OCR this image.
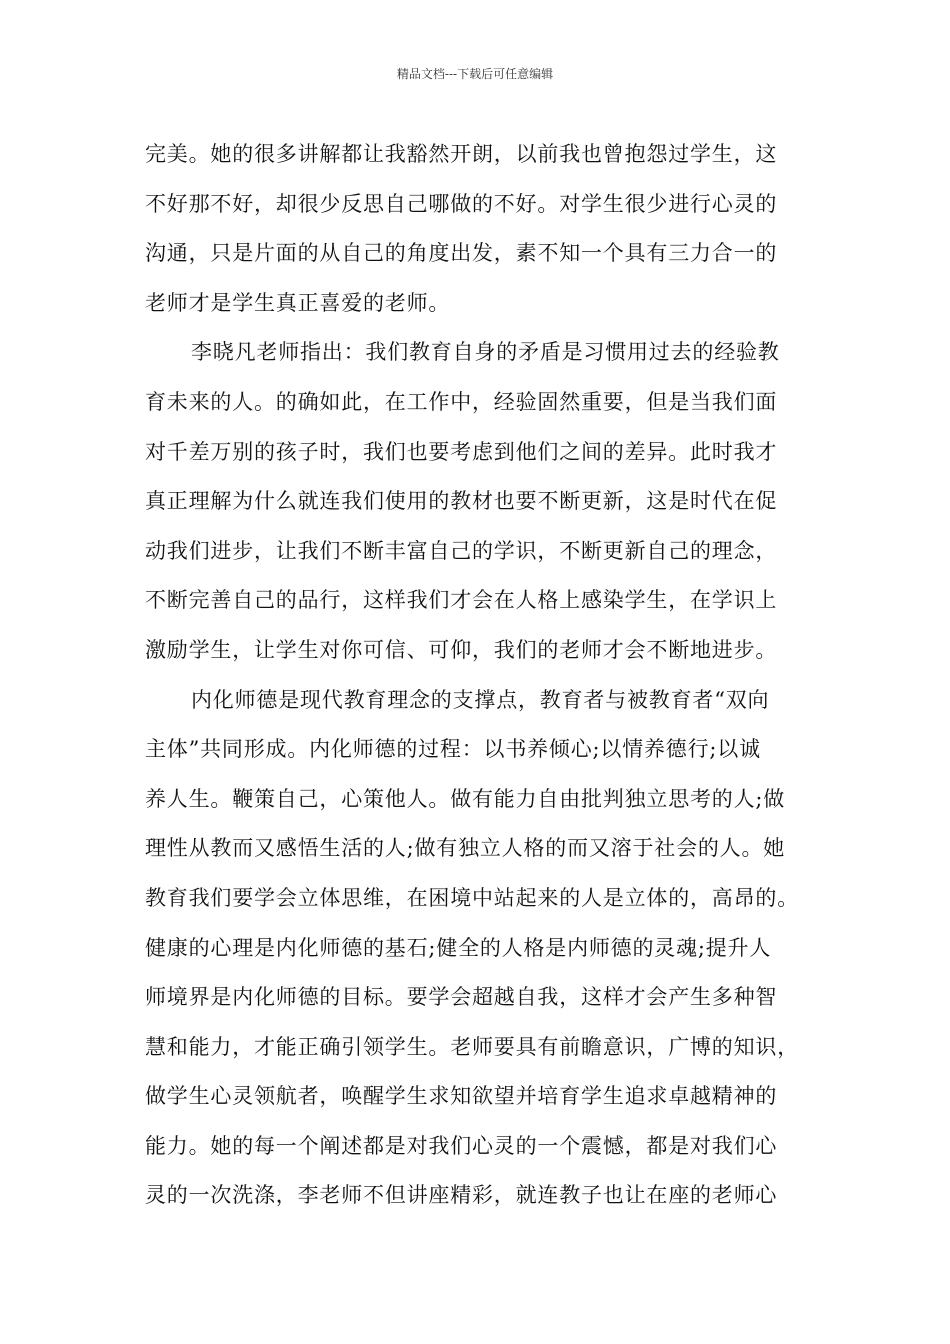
精品文档---下载后可任意编辑
完美。她的很多讲解都让我豁然开朗，以前我也曾抱怨过学生，这
不好那不好，却很少反思自己哪做的不好。对学生很少进行心灵的
沟通，只是片面的从自己的角度出发，素不知一个具有三力合一的
老师才是学生真正喜爱的老师。
李晓凡老师指出：我们教育自身的矛盾是习惯用过去的经验教
育未来的人。的确如此，在工作中，经验固然重要，但是当我们面
对千差万别的孩子时，我们也要考虑到他们之间的差异。此时我才
真正理解为什么就连我们使用的教材也要不断更新，这是时代在促
动我们进步，让我们不断丰富自己的学识，不断更新自己的理念，
不断完善自己的品行，这样我们才会在人格上感染学生，在学识上
激励学生，让学生对你可信、可仰，我们的老师才会不断地进步。
内化师德是现代教育理念的支撑点，教育者与被教育者“双向
主体”共同形成。内化师德的过程：以书养倾心;以情养德行;以诚
养人生。鞭策自己，心策他人。做有能力自由批判独立思考的人;做
理性从教而又感悟生活的人;做有独立人格的而又溶于社会的人。她
教育我们要学会立体思维，在困境中站起来的人是立体的，高昂的。
健康的心理是内化师德的基石;健全的人格是内师德的灵魂;提升人
师境界是内化师德的目标。要学会超越自我，这样才会产生多种智
慧和能力，才能正确引领学生。老师要具有前瞻意识，广博的知识，
做学生心灵领航者，唤醒学生求知欲望并培育学生追求卓越精神的
能力。她的每一个阐述都是对我们心灵的一个震憾，都是对我们心
灵的一次洗涤，李老师不但讲座精彩，就连教子也让在座的老师心
